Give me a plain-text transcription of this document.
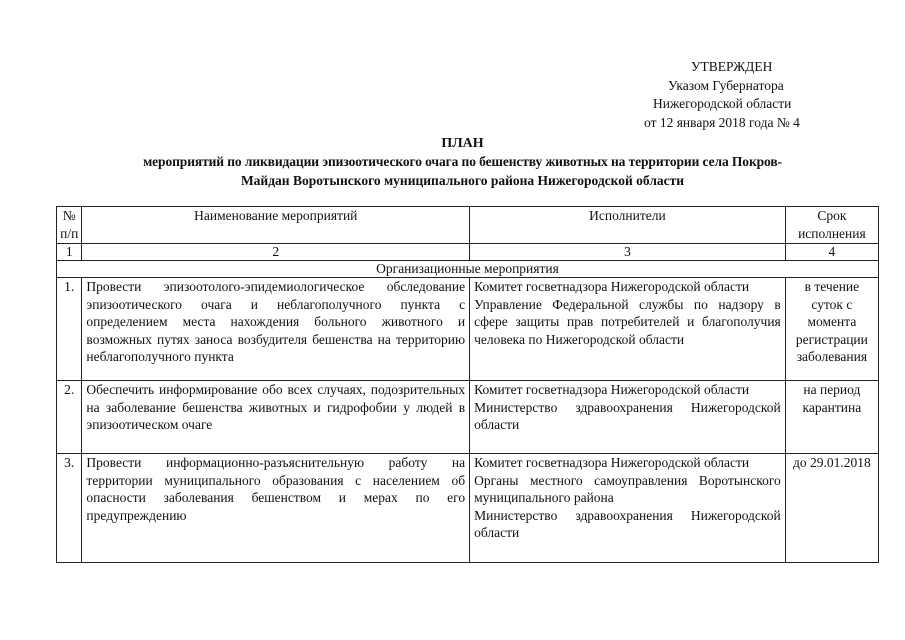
УТВЕРЖДЕН
Указом Губернатора
Нижегородской области
от 12 января 2018 года № 4
ПЛАН
мероприятий по ликвидации эпизоотического очага по бешенству животных на территории села Покров-
Майдан Воротынского муниципального района Нижегородской области
№ п/п	Наименование мероприятий	Исполнители	Срок исполнения
1	2	3	4
Организационные мероприятия			
1.	Провести эпизоотолого-эпидемиологическое обследование эпизоотического очага и неблагополучного пункта с определением места нахождения больного животного и возможных путях заноса возбудителя бешенства на территорию неблагополучного пункта	Комитет госветнадзора Нижегородской области
Управление Федеральной службы по надзору в сфере защиты прав потребителей и благополучия человека по Нижегородской области	в течение суток с момента регистрации заболевания
2.	Обеспечить информирование обо всех случаях, подозрительных на заболевание бешенства животных и гидрофобии у людей в эпизоотическом очаге	Комитет госветнадзора Нижегородской области
Министерство здравоохранения Нижегородской области	на период карантина
3.	Провести информационно-разъяснительную работу на территории муниципального образования с населением об опасности заболевания бешенством и мерах по его предупреждению	Комитет госветнадзора Нижегородской области
Органы местного самоуправления Воротынского муниципального района
Министерство здравоохранения Нижегородской области	до 29.01.2018
